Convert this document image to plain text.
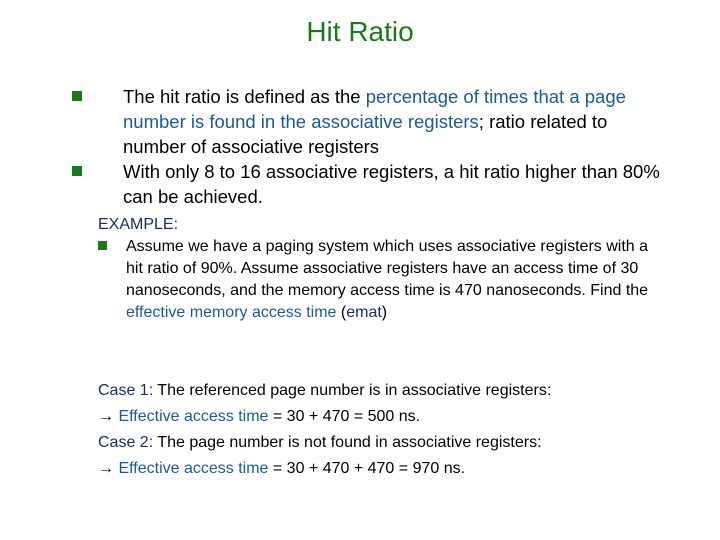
Hit Ratio
The hit ratio is defined as the percentage of times that a page number is found in the associative registers; ratio related to number of associative registers
With only 8 to 16 associative registers, a hit ratio higher than 80% can be achieved.
EXAMPLE:
Assume we have a paging system which uses associative registers with a hit ratio of 90%. Assume associative registers have an access time of 30 nanoseconds, and the memory access time is 470 nanoseconds. Find the effective memory access time (emat)
Case 1: The referenced page number is in associative registers:
→ Effective access time = 30 + 470 = 500 ns.
Case 2: The page number is not found in associative registers:
→ Effective access time = 30 + 470 + 470 = 970 ns.
